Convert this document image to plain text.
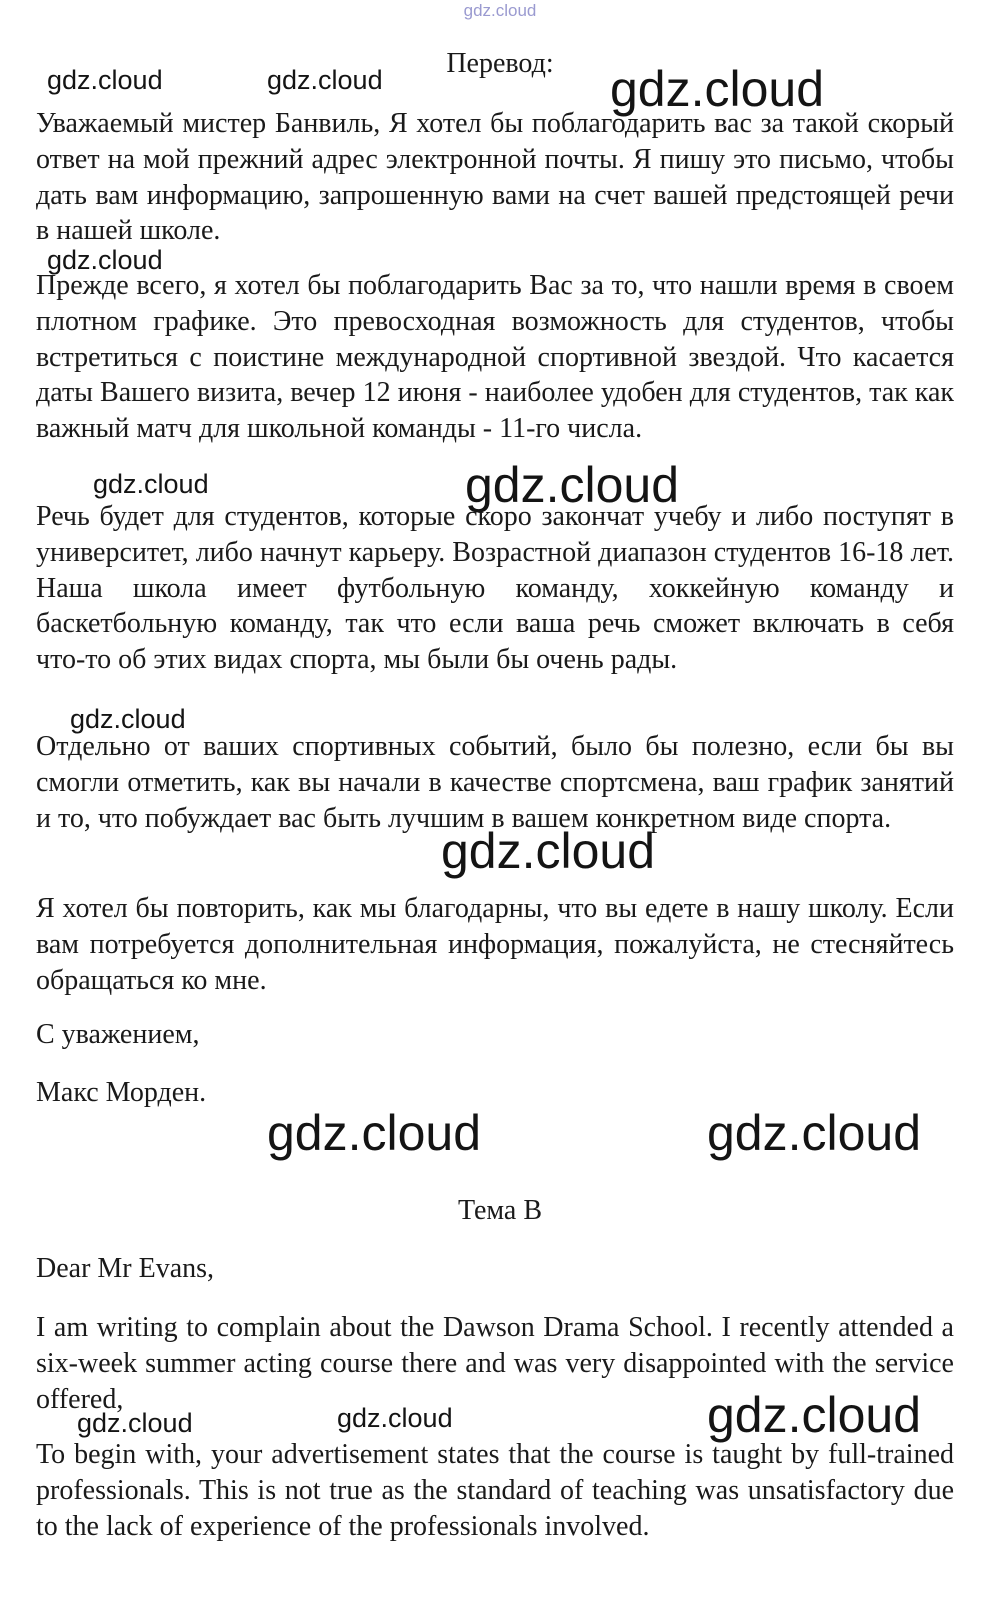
gdz.cloud
Перевод:

Уважаемый мистер Банвиль, Я хотел бы поблагодарить вас за такой скорый ответ на мой прежний адрес электронной почты. Я пишу это письмо, чтобы дать вам информацию, запрошенную вами на счет вашей предстоящей речи в нашей школе.

Прежде всего, я хотел бы поблагодарить Вас за то, что нашли время в своем плотном графике. Это превосходная возможность для студентов, чтобы встретиться с поистине международной спортивной звездой. Что касается даты Вашего визита, вечер 12 июня - наиболее удобен для студентов, так как важный матч для школьной команды - 11-го числа.

Речь будет для студентов, которые скоро закончат учебу и либо поступят в университет, либо начнут карьеру. Возрастной диапазон студентов 16-18 лет. Наша школа имеет футбольную команду, хоккейную команду и баскетбольную команду, так что если ваша речь сможет включать в себя что-то об этих видах спорта, мы были бы очень рады.

Отдельно от ваших спортивных событий, было бы полезно, если бы вы смогли отметить, как вы начали в качестве спортсмена, ваш график занятий и то, что побуждает вас быть лучшим в вашем конкретном виде спорта.

Я хотел бы повторить, как мы благодарны, что вы едете в нашу школу. Если вам потребуется дополнительная информация, пожалуйста, не стесняйтесь обращаться ко мне.

С уважением,

Макс Морден.

Тема B

Dear Mr Evans,

I am writing to complain about the Dawson Drama School. I recently attended a six-week summer acting course there and was very disappointed with the service offered,

To begin with, your advertisement states that the course is taught by full-trained professionals. This is not true as the standard of teaching was unsatisfactory due to the lack of experience of the professionals involved.

gdz.cloud	gdz.cloud	gdz.cloud
gdz.cloud
gdz.cloud	gdz.cloud
gdz.cloud
gdz.cloud
gdz.cloud	gdz.cloud
gdz.cloud	gdz.cloud	gdz.cloud
